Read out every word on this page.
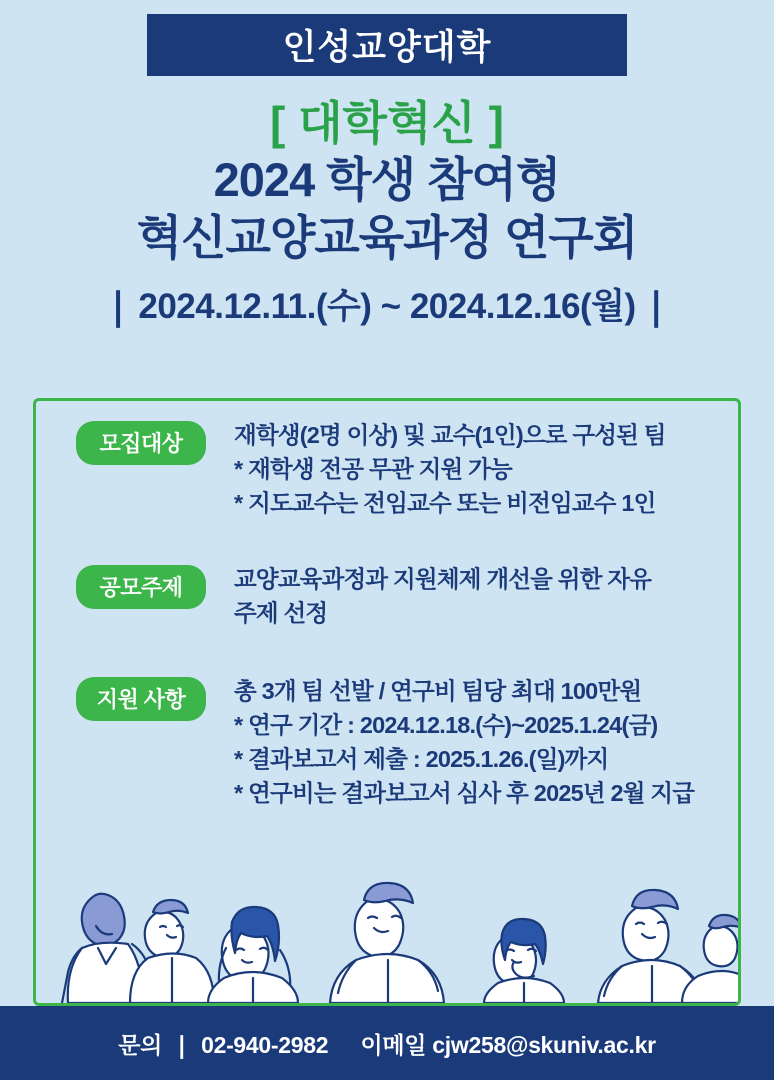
인성교양대학
[ 대학혁신 ]
2024 학생 참여형
혁신교양교육과정 연구회
❘ 2024.12.11.(수) ~ 2024.12.16(월) ❘
모집대상	재학생(2명 이상) 및 교수(1인)으로 구성된 팀
* 재학생 전공 무관 지원 가능
* 지도교수는 전임교수 또는 비전임교수 1인
공모주제	교양교육과정과 지원체제 개선을 위한 자유
주제 선정
지원 사항	총 3개 팀 선발 / 연구비 팀당 최대 100만원
* 연구 기간 : 2024.12.18.(수)~2025.1.24(금)
* 결과보고서 제출 : 2025.1.26.(일)까지
* 연구비는 결과보고서 심사 후 2025년 2월 지급
문의 ❘ 02-940-2982 이메일 cjw258@skuniv.ac.kr
